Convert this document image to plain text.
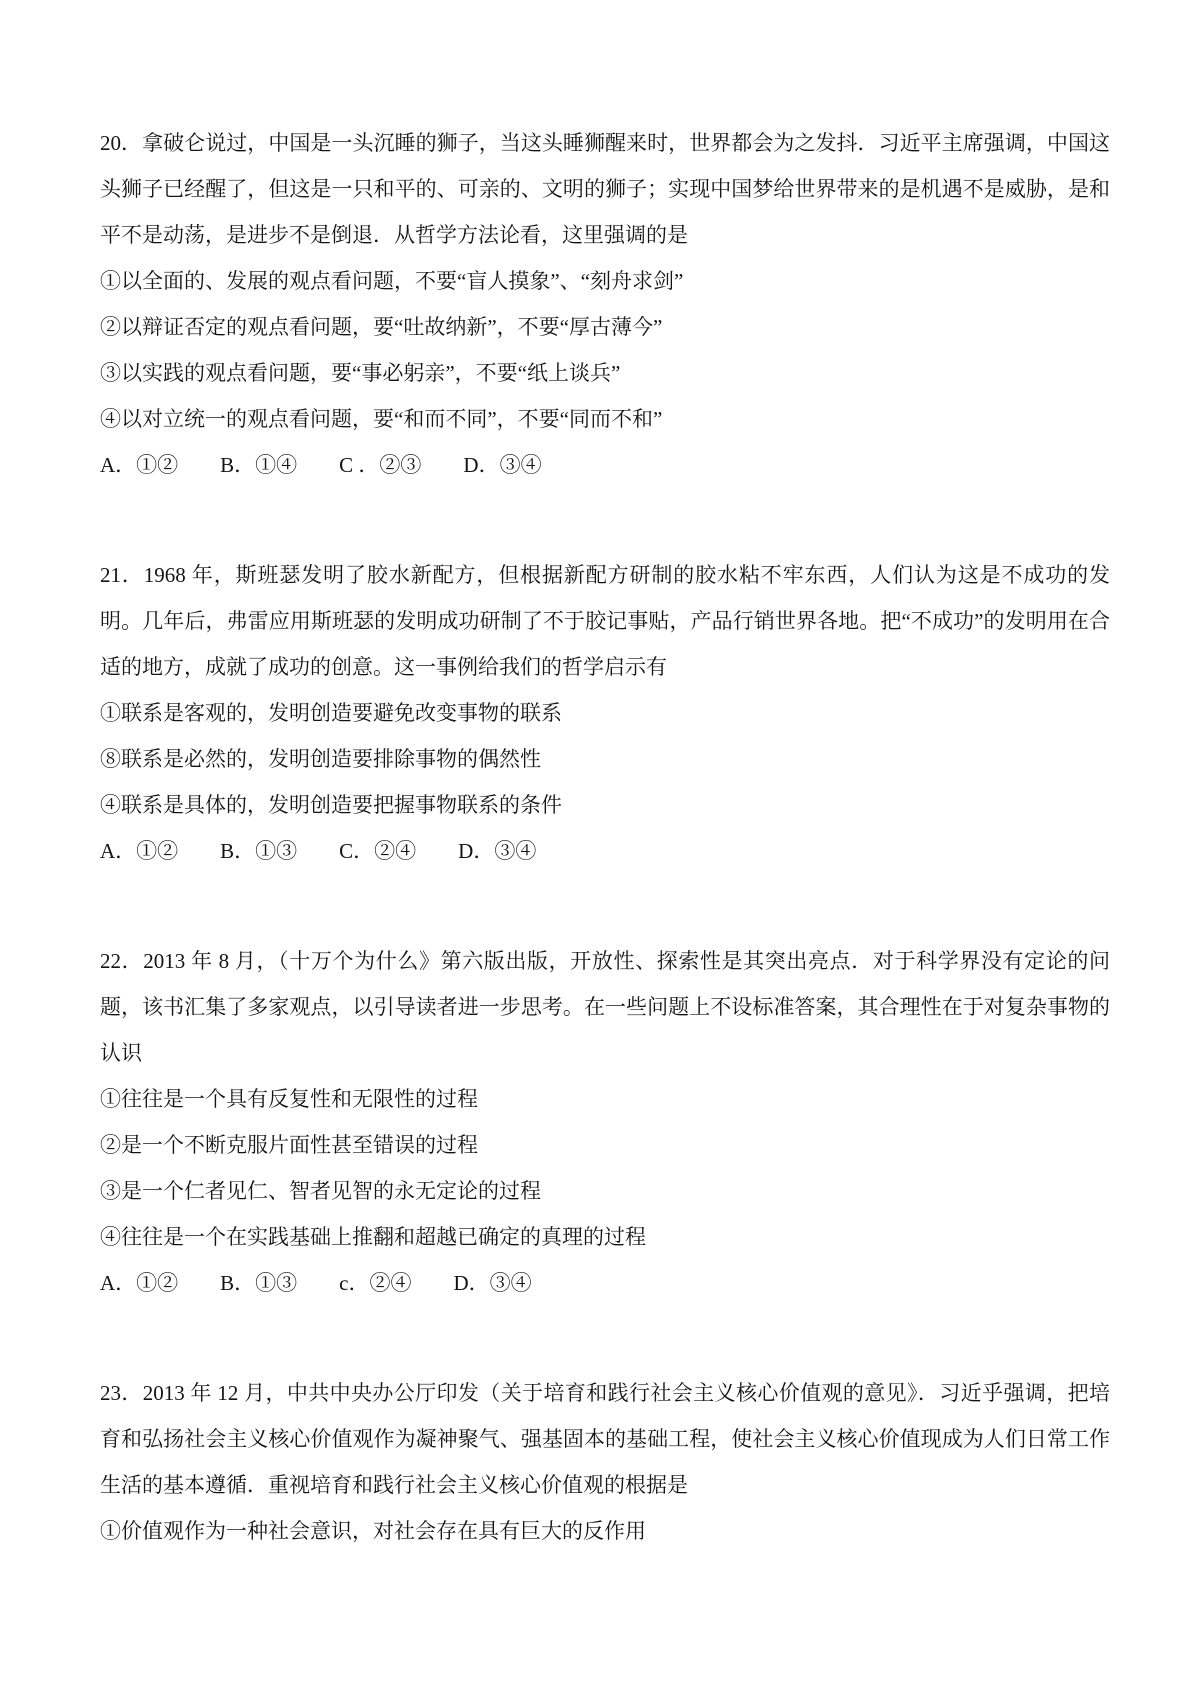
20．拿破仑说过，中国是一头沉睡的狮子，当这头睡狮醒来时，世界都会为之发抖．习近平主席强调，中国这头狮子已经醒了，但这是一只和平的、可亲的、文明的狮子；实现中国梦给世界带来的是机遇不是威胁，是和平不是动荡，是进步不是倒退．从哲学方法论看，这里强调的是

①以全面的、发展的观点看问题，不要“盲人摸象”、“刻舟求剑”

②以辩证否定的观点看问题，要“吐故纳新”，不要“厚古薄今”

③以实践的观点看问题，要“事必躬亲”，不要“纸上谈兵”

④以对立统一的观点看问题，要“和而不同”，不要“同而不和”

A．①②　　B．①④　　C ．②③　　D．③④

21．1968 年，斯班瑟发明了胶水新配方，但根据新配方研制的胶水粘不牢东西，人们认为这是不成功的发明。几年后，弗雷应用斯班瑟的发明成功研制了不于胶记事贴，产品行销世界各地。把“不成功”的发明用在合适的地方，成就了成功的创意。这一事例给我们的哲学启示有

①联系是客观的，发明创造要避免改变事物的联系

⑧联系是必然的，发明创造要排除事物的偶然性

④联系是具体的，发明创造要把握事物联系的条件

A．①②　　B．①③　　C．②④　　D．③④

22．2013 年 8 月，（十万个为什么》第六版出版，开放性、探索性是其突出亮点．对于科学界没有定论的问题，该书汇集了多家观点，以引导读者进一步思考。在一些问题上不设标准答案，其合理性在于对复杂事物的认识

①往往是一个具有反复性和无限性的过程

②是一个不断克服片面性甚至错误的过程

③是一个仁者见仁、智者见智的永无定论的过程

④往往是一个在实践基础上推翻和超越已确定的真理的过程

A．①②　　B．①③　　c．②④　　D．③④

23．2013 年 12 月，中共中央办公厅印发（关于培育和践行社会主义核心价值观的意见》．习近乎强调，把培育和弘扬社会主义核心价值观作为凝神聚气、强基固本的基础工程，使社会主义核心价值现成为人们日常工作生活的基本遵循．重视培育和践行社会主义核心价值观的根据是

①价值观作为一种社会意识，对社会存在具有巨大的反作用
